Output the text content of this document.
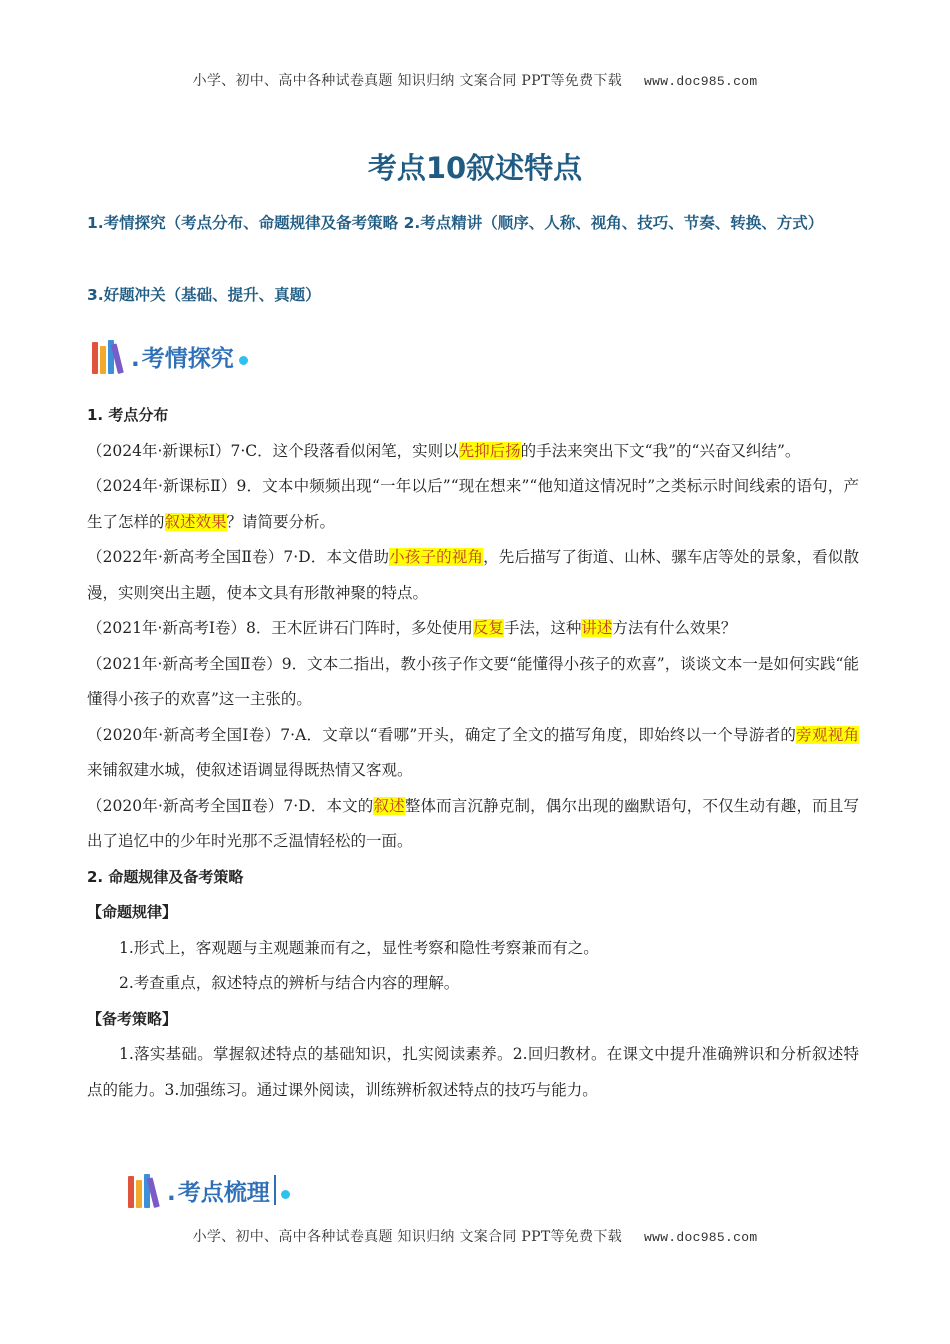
小学、初中、高中各种试卷真题 知识归纳 文案合同 PPT等免费下载 www.doc985.com
考点10叙述特点
1.考情探究（考点分布、命题规律及备考策略 2.考点精讲（顺序、人称、视角、技巧、节奏、转换、方式）
3.好题冲关（基础、提升、真题）
.考情探究

1. 考点分布

（2024年·新课标Ⅰ）7·C．这个段落看似闲笔，实则以先抑后扬的手法来突出下文“我”的“兴奋又纠结”。

（2024年·新课标Ⅱ）9．文本中频频出现“一年以后”“现在想来”“他知道这情况时”之类标示时间线索的语句，产生了怎样的叙述效果？请简要分析。

（2022年·新高考全国Ⅱ卷）7·D．本文借助小孩子的视角，先后描写了街道、山林、骡车店等处的景象，看似散漫，实则突出主题，使本文具有形散神聚的特点。

（2021年·新高考Ⅰ卷）8．王木匠讲石门阵时，多处使用反复手法，这种讲述方法有什么效果？

（2021年·新高考全国Ⅱ卷）9．文本二指出，教小孩子作文要“能懂得小孩子的欢喜”，谈谈文本一是如何实践“能懂得小孩子的欢喜”这一主张的。

（2020年·新高考全国Ⅰ卷）7·A．文章以“看哪”开头，确定了全文的描写角度，即始终以一个导游者的旁观视角来铺叙建水城，使叙述语调显得既热情又客观。

（2020年·新高考全国Ⅱ卷）7·D．本文的叙述整体而言沉静克制，偶尔出现的幽默语句，不仅生动有趣，而且写出了追忆中的少年时光那不乏温情轻松的一面。

2. 命题规律及备考策略

【命题规律】

1.形式上，客观题与主观题兼而有之，显性考察和隐性考察兼而有之。

2.考查重点，叙述特点的辨析与结合内容的理解。

【备考策略】

1.落实基础。掌握叙述特点的基础知识，扎实阅读素养。2.回归教材。在课文中提升准确辨识和分析叙述特点的能力。3.加强练习。通过课外阅读，训练辨析叙述特点的技巧与能力。

.考点梳理
小学、初中、高中各种试卷真题 知识归纳 文案合同 PPT等免费下载 www.doc985.com
